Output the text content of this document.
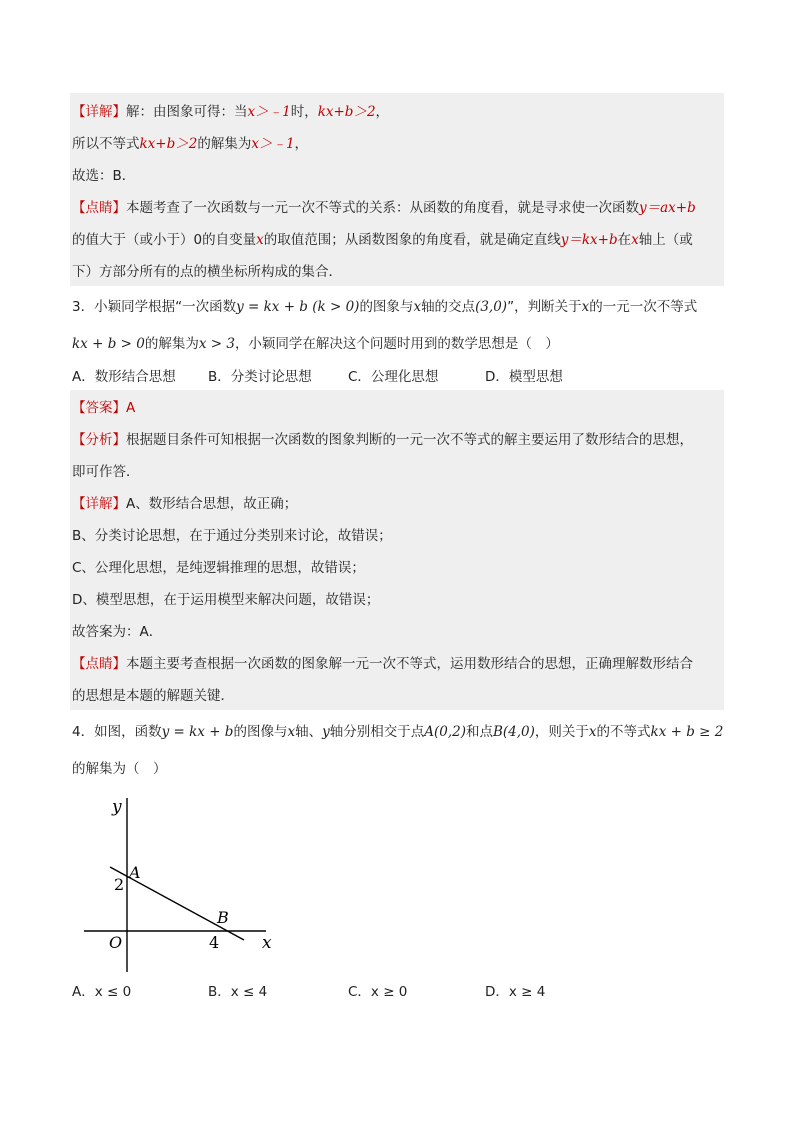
【详解】解：由图象可得：当x＞﹣1时，kx+b＞2，
所以不等式kx+b＞2的解集为x＞﹣1，
故选：B．
【点睛】本题考查了一次函数与一元一次不等式的关系：从函数的角度看，就是寻求使一次函数y＝ax+b
的值大于（或小于）0的自变量x的取值范围；从函数图象的角度看，就是确定直线y＝kx+b在x轴上（或
下）方部分所有的点的横坐标所构成的集合．
3．小颖同学根据“一次函数y = kx + b (k > 0)的图象与x轴的交点(3,0)”，判断关于x的一元一次不等式
kx + b > 0的解集为x > 3，小颖同学在解决这个问题时用到的数学思想是（　）
A．数形结合思想 B．分类讨论思想	C．公理化思想	D．模型思想
【答案】A
【分析】根据题目条件可知根据一次函数的图象判断的一元一次不等式的解主要运用了数形结合的思想，
即可作答．
【详解】A、数形结合思想，故正确；
B、分类讨论思想，在于通过分类别来讨论，故错误；
C、公理化思想，是纯逻辑推理的思想，故错误；
D、模型思想，在于运用模型来解决问题，故错误；
故答案为：A．
【点睛】本题主要考查根据一次函数的图象解一元一次不等式，运用数形结合的思想，正确理解数形结合
的思想是本题的解题关键．
4．如图，函数y = kx + b的图像与x轴、y轴分别相交于点A(0,2)和点B(4,0)，则关于x的不等式kx + b ≥ 2
的解集为（　）
y
x
O
A
B
2
4
A．x ≤ 0	B．x ≤ 4	C．x ≥ 0	D．x ≥ 4
